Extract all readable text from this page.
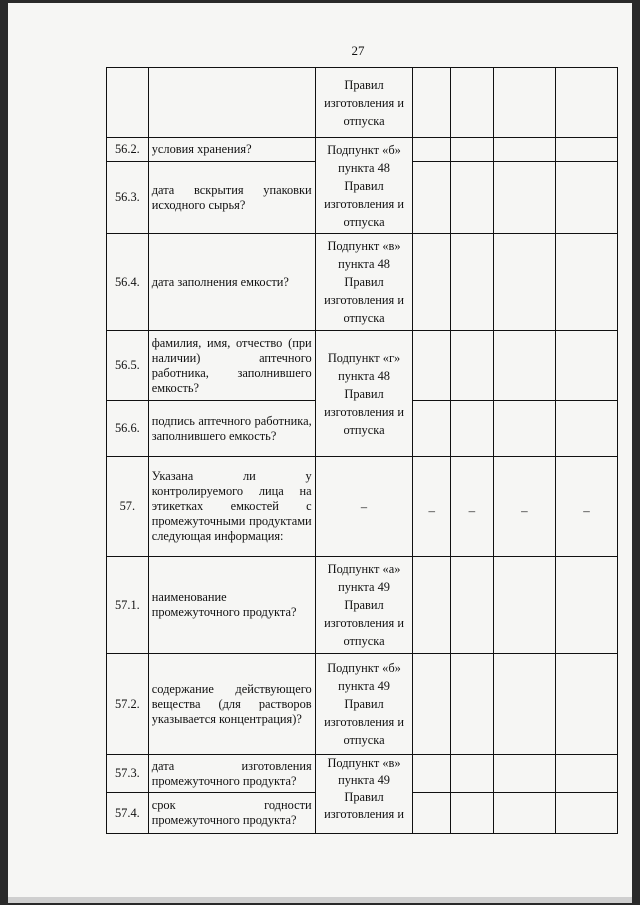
27
		Правил изготовления и отпуска				
56.2.	условия хранения?	Подпункт «б» пункта 48 Правил изготовления и отпуска				
56.3.	дата вскрытия упаковки исходного сырья?					
56.4.	дата заполнения емкости?	Подпункт «в» пункта 48 Правил изготовления и отпуска				
56.5.	фамилия, имя, отчество (при наличии) аптечного работника, заполнившего емкость?	Подпункт «г» пункта 48 Правил изготовления и отпуска				
56.6.	подпись аптечного работника, заполнившего емкость?					
57.	Указана ли у контролируемого лица на этикетках емкостей с промежуточными продуктами следующая информация:	–	–	–	–	–
57.1.	наименование промежуточного продукта?	Подпункт «а» пункта 49 Правил изготовления и отпуска				
57.2.	содержание действующего вещества (для растворов указывается концентрация)?	Подпункт «б» пункта 49 Правил изготовления и отпуска				
57.3.	дата изготовления промежуточного продукта?	Подпункт «в» пункта 49 Правил изготовления и				
57.4.	срок годности промежуточного продукта?					
